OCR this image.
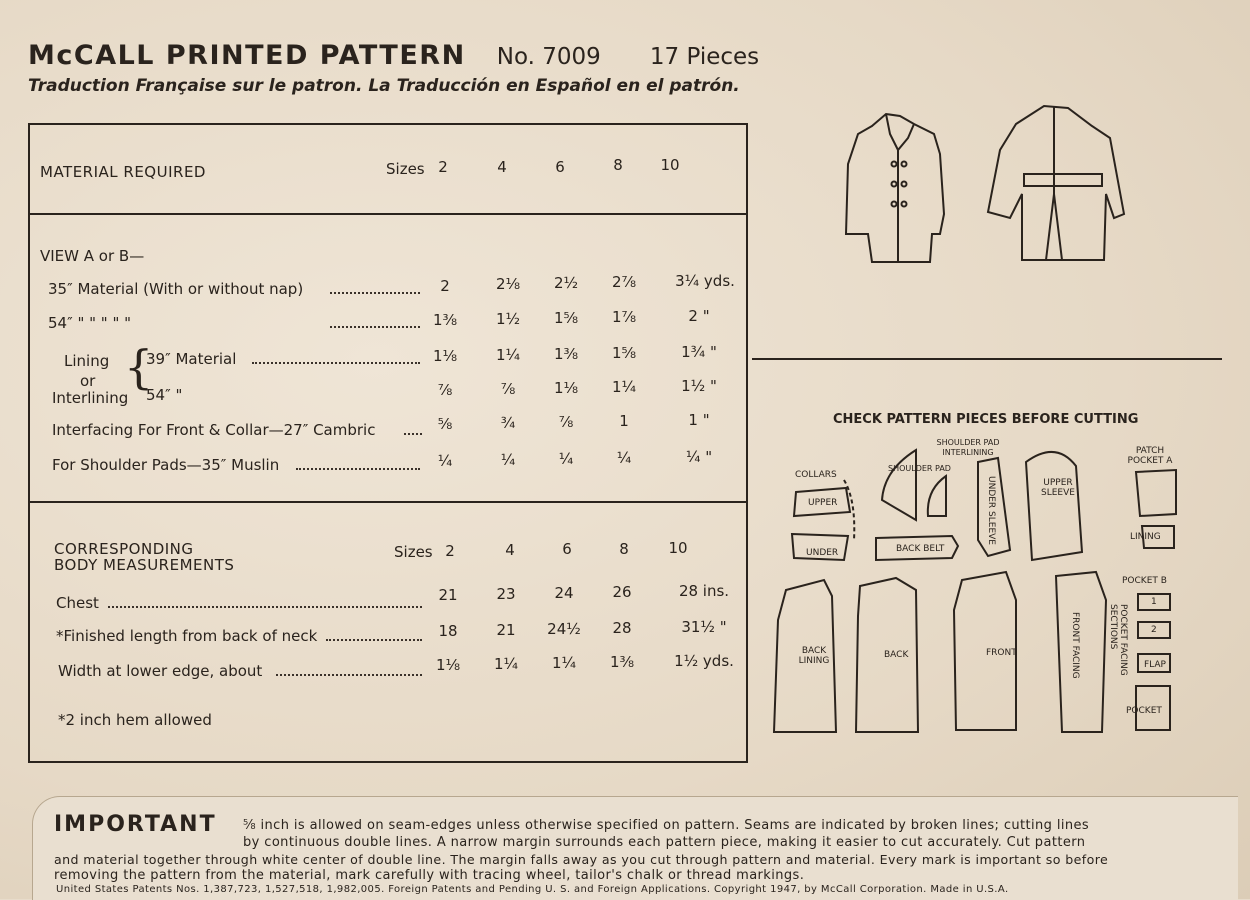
McCALL PRINTED PATTERN No. 7009 17 Pieces
Traduction Française sur le patron. La Traducción en Español en el patrón.
MATERIAL REQUIRED	Sizes 2	4	6	8	10
VIEW A or B—
35″ Material (With or without nap)	2	2⅛	2½	2⅞	3¼ yds.
54″ " " " " "	1⅜	1½	1⅝	1⅞	2 "
Lining
or
Interlining
{
39″ Material	1⅛	1¼	1⅜	1⅝	1¾ "
54″ "	⅞	⅞	1⅛	1¼	1½ "
Interfacing For Front & Collar—27″ Cambric	⅝	¾	⅞	1	1 "
For Shoulder Pads—35″ Muslin	¼	¼	¼	¼	¼ "
CORRESPONDING
BODY MEASUREMENTS
Sizes 2	4	6	8	10
Chest	21	23	24	26	28 ins.
*Finished length from back of neck	18	21	24½	28	31½ "
Width at lower edge, about	1⅛	1¼	1¼	1⅜	1½ yds.
*2 inch hem allowed
CHECK PATTERN PIECES BEFORE CUTTING
COLLARS
UPPER
UNDER
SHOULDER PAD
SHOULDER PAD INTERLINING
UNDER SLEEVE	UPPER SLEEVE
BACK BELT
PATCH POCKET A
LINING
POCKET B
1
2
FLAP
POCKET
BACK LINING
BACK	FRONT	FRONT FACING	POCKET FACING SECTIONS
IMPORTANT ⅝ inch is allowed on seam-edges unless otherwise specified on pattern. Seams are indicated by broken lines; cutting lines
by continuous double lines. A narrow margin surrounds each pattern piece, making it easier to cut accurately. Cut pattern
and material together through white center of double line. The margin falls away as you cut through pattern and material. Every mark is important so before
removing the pattern from the material, mark carefully with tracing wheel, tailor's chalk or thread markings.
United States Patents Nos. 1,387,723, 1,527,518, 1,982,005. Foreign Patents and Pending U. S. and Foreign Applications. Copyright 1947, by McCall Corporation. Made in U.S.A.
